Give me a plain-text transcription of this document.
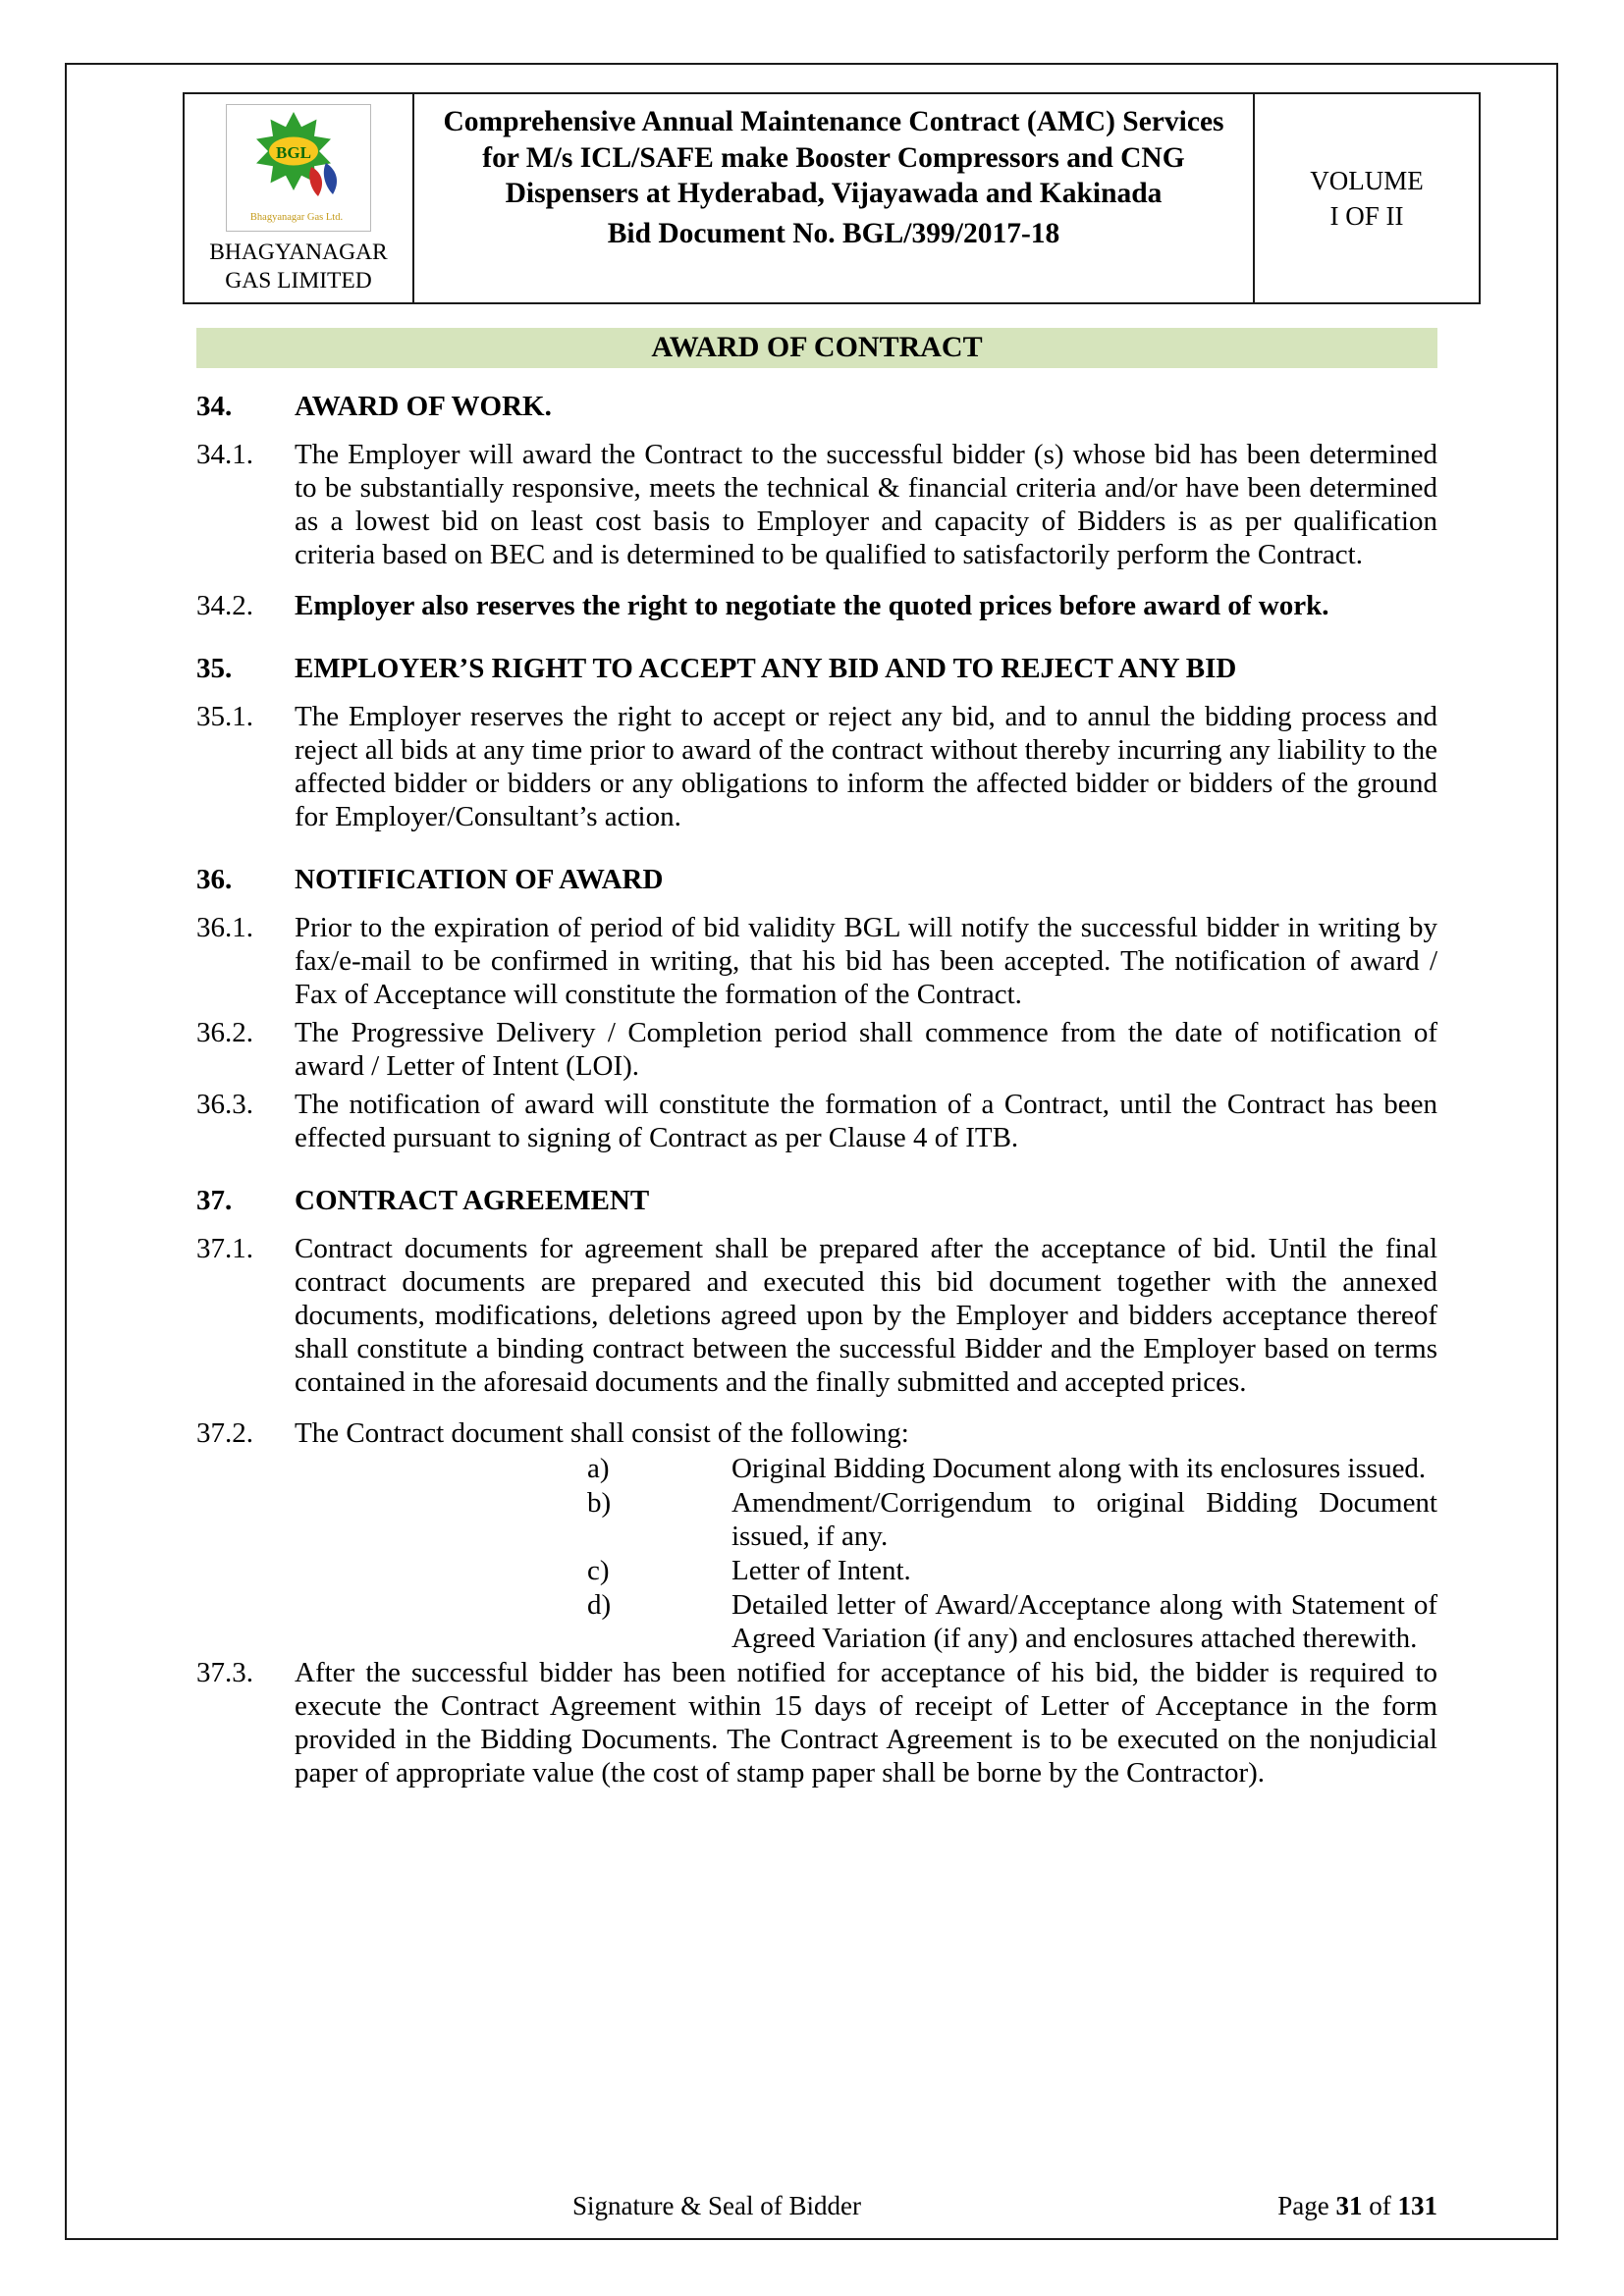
BGL
Bhagyanagar Gas Ltd.
BHAGYANAGAR
GAS LIMITED
Comprehensive Annual Maintenance Contract (AMC) Services for M/s ICL/SAFE make Booster Compressors and CNG Dispensers at Hyderabad, Vijayawada and Kakinada
Bid Document No. BGL/399/2017-18
VOLUME
I OF II
AWARD OF CONTRACT
34.	AWARD OF WORK.
34.1.	The Employer will award the Contract to the successful bidder (s) whose bid has been determined to be substantially responsive, meets the technical & financial criteria and/or have been determined as a lowest bid on least cost basis to Employer and capacity of Bidders is as per qualification criteria based on BEC and is determined to be qualified to satisfactorily perform the Contract.
34.2.	Employer also reserves the right to negotiate the quoted prices before award of work.
35.	EMPLOYER’S RIGHT TO ACCEPT ANY BID AND TO REJECT ANY BID
35.1.	The Employer reserves the right to accept or reject any bid, and to annul the bidding process and reject all bids at any time prior to award of the contract without thereby incurring any liability to the affected bidder or bidders or any obligations to inform the affected bidder or bidders of the ground for Employer/Consultant’s action.
36.	NOTIFICATION OF AWARD
36.1.	Prior to the expiration of period of bid validity BGL will notify the successful bidder in writing by fax/e-mail to be confirmed in writing, that his bid has been accepted. The notification of award / Fax of Acceptance will constitute the formation of the Contract.
36.2.	The Progressive Delivery / Completion period shall commence from the date of notification of award / Letter of Intent (LOI).
36.3.	The notification of award will constitute the formation of a Contract, until the Contract has been effected pursuant to signing of Contract as per Clause 4 of ITB.
37.	CONTRACT AGREEMENT
37.1.	Contract documents for agreement shall be prepared after the acceptance of bid. Until the final contract documents are prepared and executed this bid document together with the annexed documents, modifications, deletions agreed upon by the Employer and bidders acceptance thereof shall constitute a binding contract between the successful Bidder and the Employer based on terms contained in the aforesaid documents and the finally submitted and accepted prices.
37.2.	The Contract document shall consist of the following:
a)	Original Bidding Document along with its enclosures issued.
b)	Amendment/Corrigendum to original Bidding Document issued, if any.
c)	Letter of Intent.
d)	Detailed letter of Award/Acceptance along with Statement of Agreed Variation (if any) and enclosures attached therewith.
37.3.	After the successful bidder has been notified for acceptance of his bid, the bidder is required to execute the Contract Agreement within 15 days of receipt of Letter of Acceptance in the form provided in the Bidding Documents. The Contract Agreement is to be executed on the nonjudicial paper of appropriate value (the cost of stamp paper shall be borne by the Contractor).
Signature & Seal of Bidder	Page 31 of 131
